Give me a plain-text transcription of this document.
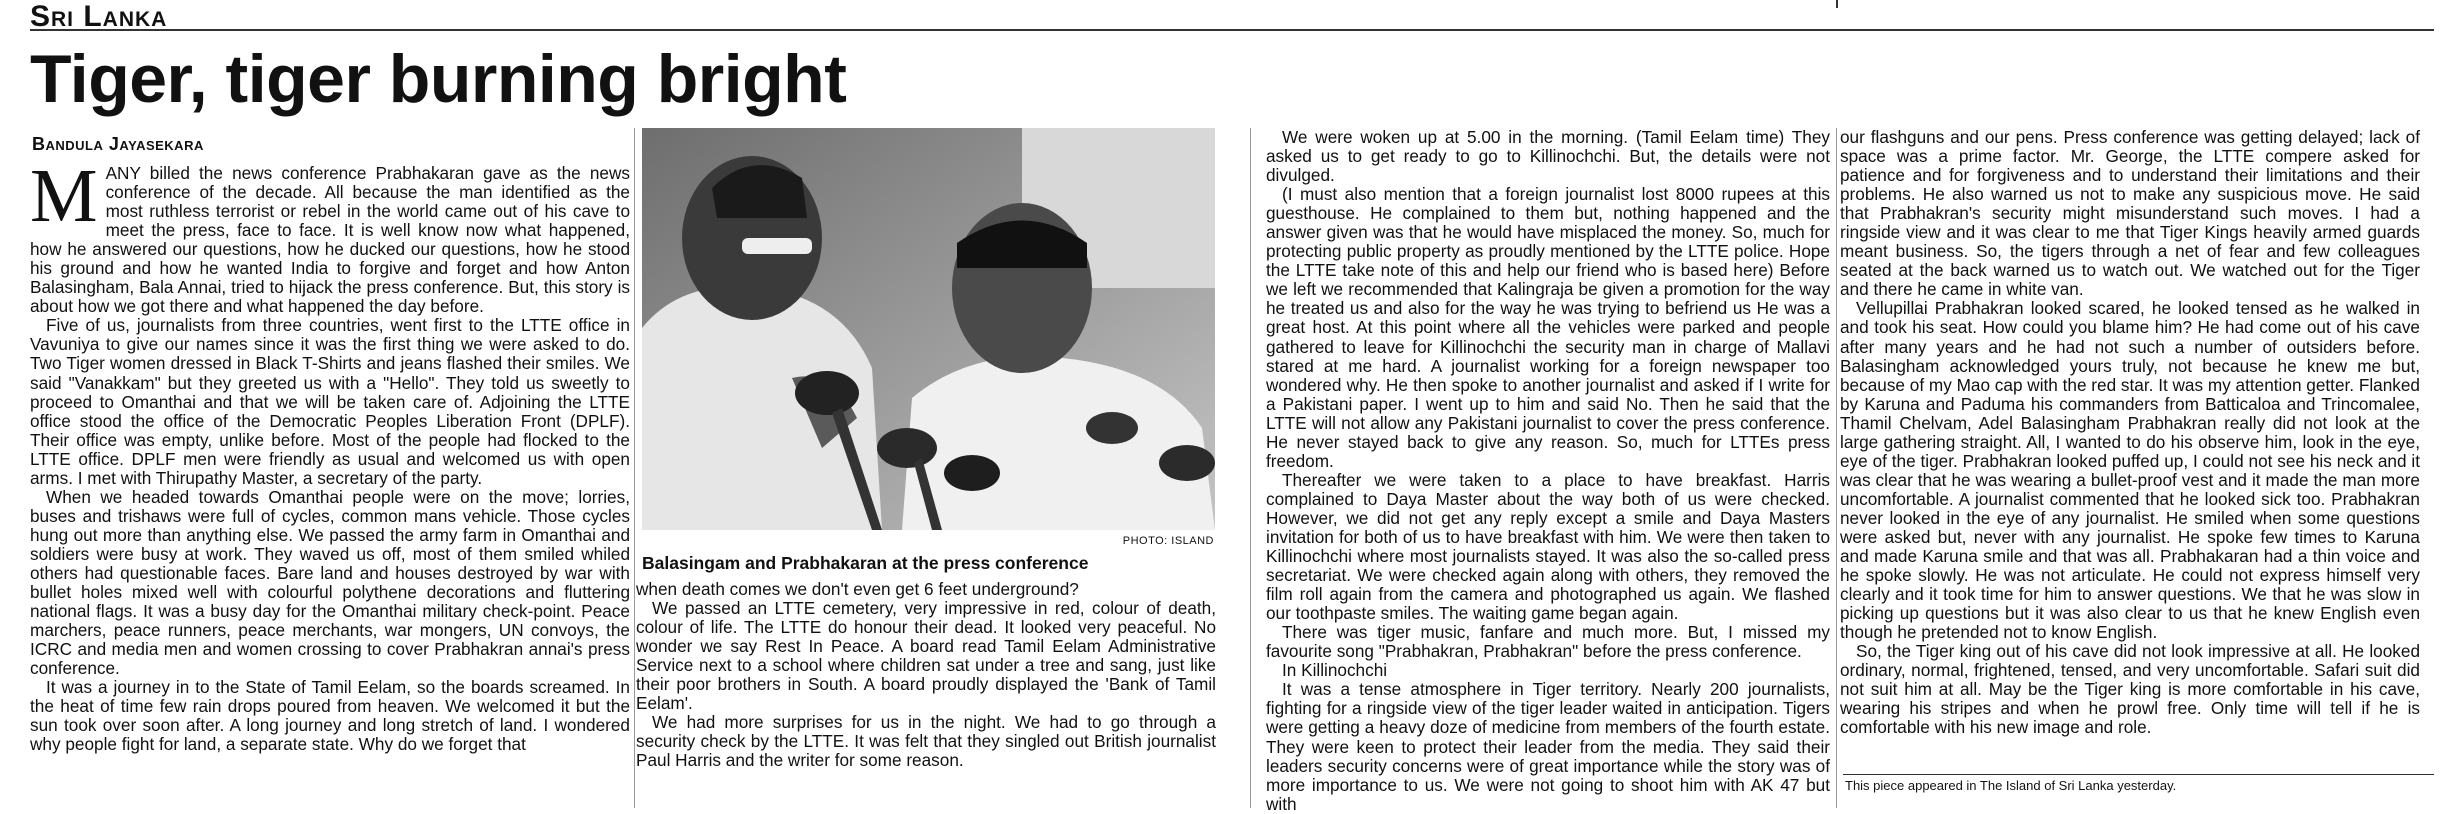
Sri Lanka
Tiger, tiger burning bright
Bandula Jayasekara

MANY billed the news conference Prabhakaran gave as the news conference of the decade. All because the man identified as the most ruthless terrorist or rebel in the world came out of his cave to meet the press, face to face. It is well know now what happened, how he answered our questions, how he ducked our questions, how he stood his ground and how he wanted India to forgive and forget and how Anton Balasingham, Bala Annai, tried to hijack the press conference. But, this story is about how we got there and what happened the day before.

Five of us, journalists from three countries, went first to the LTTE office in Vavuniya to give our names since it was the first thing we were asked to do. Two Tiger women dressed in Black T-Shirts and jeans flashed their smiles. We said "Vanakkam" but they greeted us with a "Hello". They told us sweetly to proceed to Omanthai and that we will be taken care of. Adjoining the LTTE office stood the office of the Democratic Peoples Liberation Front (DPLF). Their office was empty, unlike before. Most of the people had flocked to the LTTE office. DPLF men were friendly as usual and welcomed us with open arms. I met with Thirupathy Master, a secretary of the party.

When we headed towards Omanthai people were on the move; lorries, buses and trishaws were full of cycles, common mans vehicle. Those cycles hung out more than anything else. We passed the army farm in Omanthai and soldiers were busy at work. They waved us off, most of them smiled whiled others had questionable faces. Bare land and houses destroyed by war with bullet holes mixed well with colourful polythene decorations and fluttering national flags. It was a busy day for the Omanthai military check-point. Peace marchers, peace runners, peace merchants, war mongers, UN convoys, the ICRC and media men and women crossing to cover Prabhakran annai's press conference.

It was a journey in to the State of Tamil Eelam, so the boards screamed. In the heat of time few rain drops poured from heaven. We welcomed it but the sun took over soon after. A long journey and long stretch of land. I wondered why people fight for land, a separate state. Why do we forget that

PHOTO: ISLAND
Balasingam and Prabhakaran at the press conference

when death comes we don't even get 6 feet underground?

We passed an LTTE cemetery, very impressive in red, colour of death, colour of life. The LTTE do honour their dead. It looked very peaceful. No wonder we say Rest In Peace. A board read Tamil Eelam Administrative Service next to a school where children sat under a tree and sang, just like their poor brothers in South. A board proudly displayed the 'Bank of Tamil Eelam'.

We had more surprises for us in the night. We had to go through a security check by the LTTE. It was felt that they singled out British journalist Paul Harris and the writer for some reason.

We were woken up at 5.00 in the morning. (Tamil Eelam time) They asked us to get ready to go to Killinochchi. But, the details were not divulged.

(I must also mention that a foreign journalist lost 8000 rupees at this guesthouse. He complained to them but, nothing happened and the answer given was that he would have misplaced the money. So, much for protecting public property as proudly mentioned by the LTTE police. Hope the LTTE take note of this and help our friend who is based here) Before we left we recommended that Kalingraja be given a promotion for the way he treated us and also for the way he was trying to befriend us He was a great host. At this point where all the vehicles were parked and people gathered to leave for Killinochchi the security man in charge of Mallavi stared at me hard. A journalist working for a foreign newspaper too wondered why. He then spoke to another journalist and asked if I write for a Pakistani paper. I went up to him and said No. Then he said that the LTTE will not allow any Pakistani journalist to cover the press conference. He never stayed back to give any reason. So, much for LTTEs press freedom.

Thereafter we were taken to a place to have breakfast. Harris complained to Daya Master about the way both of us were checked. However, we did not get any reply except a smile and Daya Masters invitation for both of us to have breakfast with him. We were then taken to Killinochchi where most journalists stayed. It was also the so-called press secretariat. We were checked again along with others, they removed the film roll again from the camera and photographed us again. We flashed our toothpaste smiles. The waiting game began again.

There was tiger music, fanfare and much more. But, I missed my favourite song "Prabhakran, Prabhakran" before the press conference.

In Killinochchi

It was a tense atmosphere in Tiger territory. Nearly 200 journalists, fighting for a ringside view of the tiger leader waited in anticipation. Tigers were getting a heavy doze of medicine from members of the fourth estate. They were keen to protect their leader from the media. They said their leaders security concerns were of great importance while the story was of more importance to us. We were not going to shoot him with AK 47 but with

our flashguns and our pens. Press conference was getting delayed; lack of space was a prime factor. Mr. George, the LTTE compere asked for patience and for forgiveness and to understand their limitations and their problems. He also warned us not to make any suspicious move. He said that Prabhakran's security might misunderstand such moves. I had a ringside view and it was clear to me that Tiger Kings heavily armed guards meant business. So, the tigers through a net of fear and few colleagues seated at the back warned us to watch out. We watched out for the Tiger and there he came in white van.

Vellupillai Prabhakran looked scared, he looked tensed as he walked in and took his seat. How could you blame him? He had come out of his cave after many years and he had not such a number of outsiders before. Balasingham acknowledged yours truly, not because he knew me but, because of my Mao cap with the red star. It was my attention getter. Flanked by Karuna and Paduma his commanders from Batticaloa and Trincomalee, Thamil Chelvam, Adel Balasingham Prabhakran really did not look at the large gathering straight. All, I wanted to do his observe him, look in the eye, eye of the tiger. Prabhakran looked puffed up, I could not see his neck and it was clear that he was wearing a bullet-proof vest and it made the man more uncomfortable. A journalist commented that he looked sick too. Prabhakran never looked in the eye of any journalist. He smiled when some questions were asked but, never with any journalist. He spoke few times to Karuna and made Karuna smile and that was all. Prabhakaran had a thin voice and he spoke slowly. He was not articulate. He could not express himself very clearly and it took time for him to answer questions. We that he was slow in picking up questions but it was also clear to us that he knew English even though he pretended not to know English.

So, the Tiger king out of his cave did not look impressive at all. He looked ordinary, normal, frightened, tensed, and very uncomfortable. Safari suit did not suit him at all. May be the Tiger king is more comfortable in his cave, wearing his stripes and when he prowl free. Only time will tell if he is comfortable with his new image and role.

This piece appeared in The Island of Sri Lanka yesterday.
